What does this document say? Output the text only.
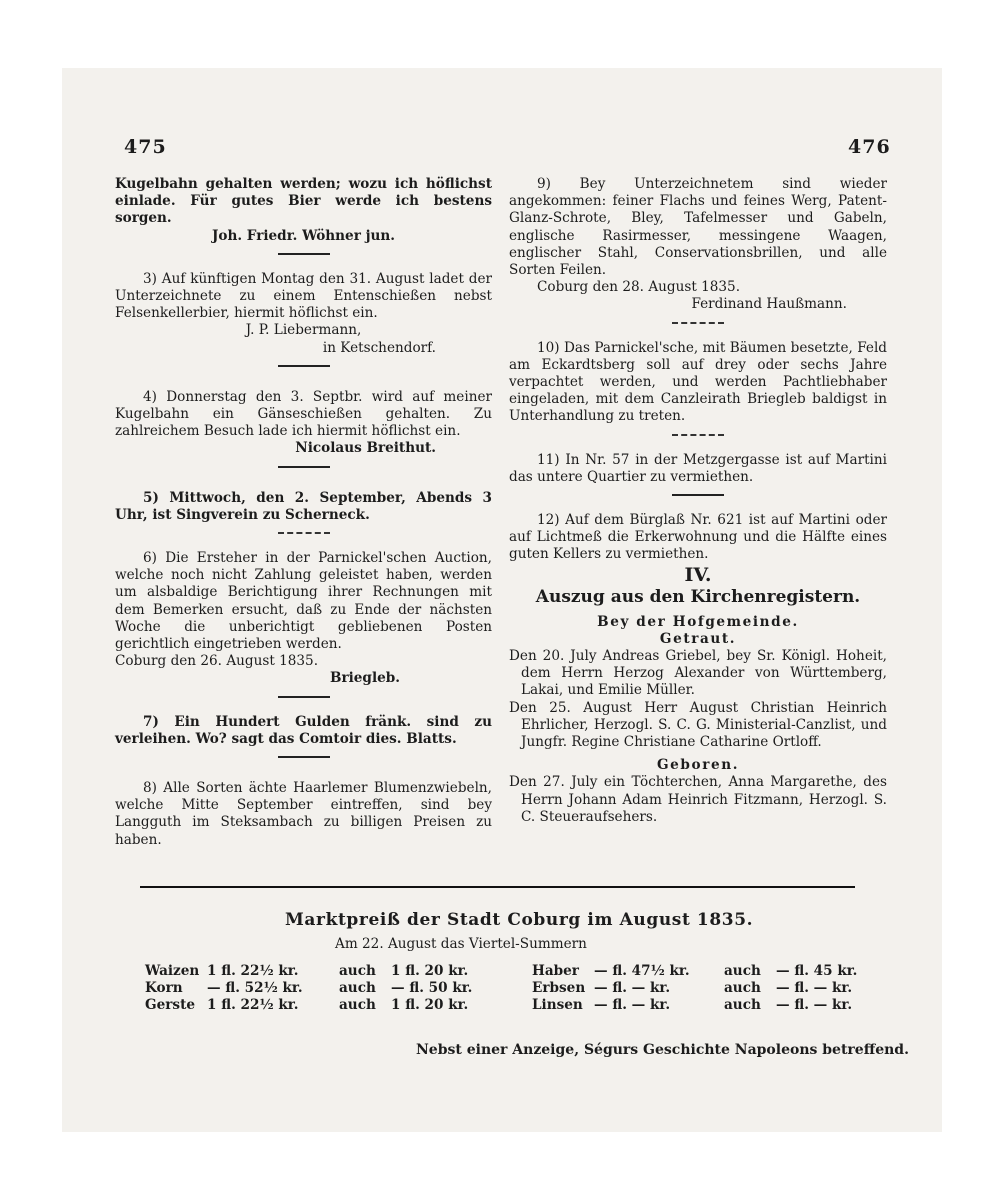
475	476

Kugelbahn gehalten werden; wozu ich höflichst einlade. Für gutes Bier werde ich bestens sorgen.

Joh. Friedr. Wöhner jun.

3) Auf künftigen Montag den 31. August ladet der Unterzeichnete zu einem Entenschießen nebst Felsenkellerbier, hiermit höflichst ein.

J. P. Liebermann,

in Ketschendorf.

4) Donnerstag den 3. Septbr. wird auf meiner Kugelbahn ein Gänseschießen gehalten. Zu zahlreichem Besuch lade ich hiermit höflichst ein.

Nicolaus Breithut.

5) Mittwoch, den 2. September, Abends 3 Uhr, ist Singverein zu Scherneck.

6) Die Ersteher in der Parnickel'schen Auction, welche noch nicht Zahlung geleistet haben, werden um alsbaldige Berichtigung ihrer Rechnungen mit dem Bemerken ersucht, daß zu Ende der nächsten Woche die unberichtigt gebliebenen Posten gerichtlich eingetrieben werden.

Coburg den 26. August 1835.

Briegleb.

7) Ein Hundert Gulden fränk. sind zu verleihen. Wo? sagt das Comtoir dies. Blatts.

8) Alle Sorten ächte Haarlemer Blumenzwiebeln, welche Mitte September eintreffen, sind bey Langguth im Steksambach zu billigen Preisen zu haben.

9) Bey Unterzeichnetem sind wieder angekommen: feiner Flachs und feines Werg, Patent-Glanz-Schrote, Bley, Tafelmesser und Gabeln, englische Rasirmesser, messingene Waagen, englischer Stahl, Conservationsbrillen, und alle Sorten Feilen.

Coburg den 28. August 1835.

Ferdinand Haußmann.

10) Das Parnickel'sche, mit Bäumen besetzte, Feld am Eckardtsberg soll auf drey oder sechs Jahre verpachtet werden, und werden Pachtliebhaber eingeladen, mit dem Canzleirath Briegleb baldigst in Unterhandlung zu treten.

11) In Nr. 57 in der Metzgergasse ist auf Martini das untere Quartier zu vermiethen.

12) Auf dem Bürglaß Nr. 621 ist auf Martini oder auf Lichtmeß die Erkerwohnung und die Hälfte eines guten Kellers zu vermiethen.

IV.

Auszug aus den Kirchenregistern.

Bey der Hofgemeinde.

Getraut.

Den 20. July Andreas Griebel, bey Sr. Königl. Hoheit, dem Herrn Herzog Alexander von Württemberg, Lakai, und Emilie Müller.

Den 25. August Herr August Christian Heinrich Ehrlicher, Herzogl. S. C. G. Ministerial-Canzlist, und Jungfr. Regine Christiane Catharine Ortloff.

Geboren.

Den 27. July ein Töchterchen, Anna Margarethe, des Herrn Johann Adam Heinrich Fitzmann, Herzogl. S. C. Steueraufsehers.

Marktpreiß der Stadt Coburg im August 1835.
Am 22. August das Viertel-Summern
Waizen	1 fl. 22½ kr.	auch	1 fl. 20 kr.
Korn	— fl. 52½ kr.	auch	— fl. 50 kr.
Gerste	1 fl. 22½ kr.	auch	1 fl. 20 kr.
Haber	— fl. 47½ kr.	auch	— fl. 45 kr.
Erbsen	— fl. — kr.	auch	— fl. — kr.
Linsen	— fl. — kr.	auch	— fl. — kr.
Nebst einer Anzeige, Ségurs Geschichte Napoleons betreffend.
